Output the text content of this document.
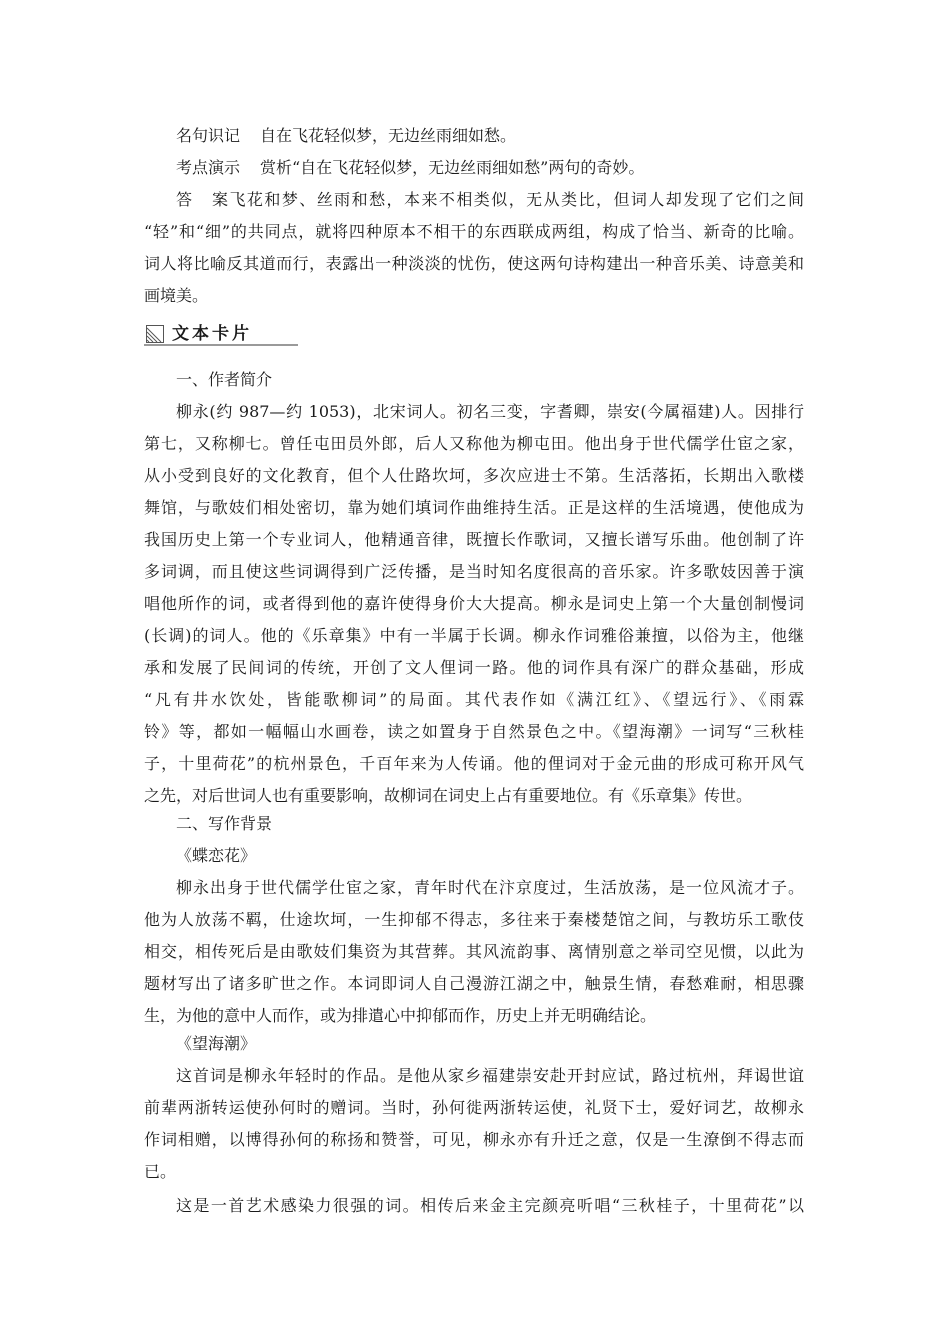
名句识记 自在飞花轻似梦，无边丝雨细如愁。
考点演示 赏析“自在飞花轻似梦，无边丝雨细如愁”两句的奇妙。
答案飞花和梦、丝雨和愁，本来不相类似，无从类比，但词人却发现了它们之间
“轻”和“细”的共同点，就将四种原本不相干的东西联成两组，构成了恰当、新奇的比喻。
词人将比喻反其道而行，表露出一种淡淡的忧伤，使这两句诗构建出一种音乐美、诗意美和
画境美。
文本卡片
一、作者简介
柳永(约 987—约 1053)，北宋词人。初名三变，字耆卿，崇安(今属福建)人。因排行
第七，又称柳七。曾任屯田员外郎，后人又称他为柳屯田。他出身于世代儒学仕宦之家，
从小受到良好的文化教育，但个人仕路坎坷，多次应进士不第。生活落拓，长期出入歌楼
舞馆，与歌妓们相处密切，靠为她们填词作曲维持生活。正是这样的生活境遇，使他成为
我国历史上第一个专业词人，他精通音律，既擅长作歌词，又擅长谱写乐曲。他创制了许
多词调，而且使这些词调得到广泛传播，是当时知名度很高的音乐家。许多歌妓因善于演
唱他所作的词，或者得到他的嘉许使得身价大大提高。柳永是词史上第一个大量创制慢词
(长调)的词人。他的《乐章集》中有一半属于长调。柳永作词雅俗兼擅，以俗为主，他继
承和发展了民间词的传统，开创了文人俚词一路。他的词作具有深广的群众基础，形成
“凡有井水饮处，皆能歌柳词”的局面。其代表作如《满江红》、《望远行》、《雨霖
铃》等，都如一幅幅山水画卷，读之如置身于自然景色之中。《望海潮》一词写“三秋桂
子，十里荷花”的杭州景色，千百年来为人传诵。他的俚词对于金元曲的形成可称开风气
之先，对后世词人也有重要影响，故柳词在词史上占有重要地位。有《乐章集》传世。
二、写作背景
《蝶恋花》
柳永出身于世代儒学仕宦之家，青年时代在汴京度过，生活放荡，是一位风流才子。
他为人放荡不羁，仕途坎坷，一生抑郁不得志，多往来于秦楼楚馆之间，与教坊乐工歌伎
相交，相传死后是由歌妓们集资为其营葬。其风流韵事、离情别意之举司空见惯，以此为
题材写出了诸多旷世之作。本词即词人自己漫游江湖之中，触景生情，春愁难耐，相思骤
生，为他的意中人而作，或为排遣心中抑郁而作，历史上并无明确结论。
《望海潮》
这首词是柳永年轻时的作品。是他从家乡福建崇安赴开封应试，路过杭州，拜谒世谊
前辈两浙转运使孙何时的赠词。当时，孙何徙两浙转运使，礼贤下士，爱好词艺，故柳永
作词相赠，以博得孙何的称扬和赞誉，可见，柳永亦有升迁之意，仅是一生潦倒不得志而
已。
这是一首艺术感染力很强的词。相传后来金主完颜亮听唱“三秋桂子，十里荷花”以
